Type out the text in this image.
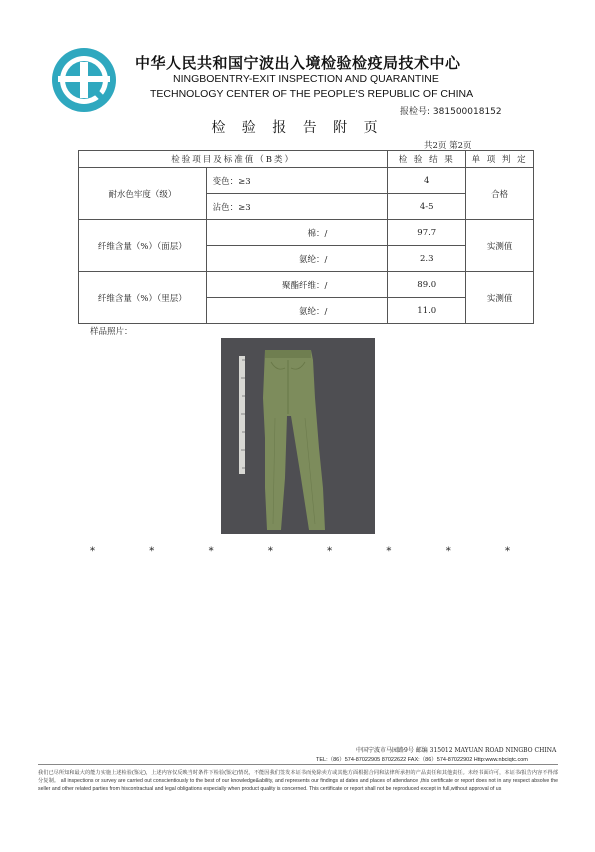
中华人民共和国宁波出入境检验检疫局技术中心
NINGBOENTRY-EXIT INSPECTION AND QUARANTINE
TECHNOLOGY CENTER OF THE PEOPLE'S REPUBLIC OF CHINA
报检号: 381500018152
检 验 报 告 附 页
共2页 第2页
检验项目及标准值（B类）		检 验 结 果	单 项 判 定
耐水色牢度（级）	变色：≥3	4	合格
	沾色：≥3	4-5	
纤维含量（%）（面层）	棉：/	97.7	实测值
	氨纶：/	2.3	
纤维含量（%）（里层）	聚酯纤维：/	89.0	实测值
	氨纶：/	11.0	
样品照片：
*	*	*	*	*	*	*	*
中国宁波市马园路9号 邮编 315012 MAYUAN ROAD NINGBO CHINA
TEL:（86）574-87022905 87022622 FAX:（86）574-87022902 Http:www.nbciqtc.com
我们已尽所知和最大的能力实施上述检验(鉴定)，上述内容仅反映当时条件下检验(鉴定)情况，不能因我们签发本证书而免除卖方或其他方面根据合同和法律所承担的产品责任和其他责任。未经书面许可，本证书/报告内容不得部分复制。 all inspections or survey are carried out conscientiously to the best of our knowledge&ability, and represents our findings at dates and places of attendance ,this certificate or report does not in any respect absolve the seller and other related parties from hiscontractual and legal obligations especially when product quality is concerned. This certificate or report shall not be reproduced except in full,without approval of us
